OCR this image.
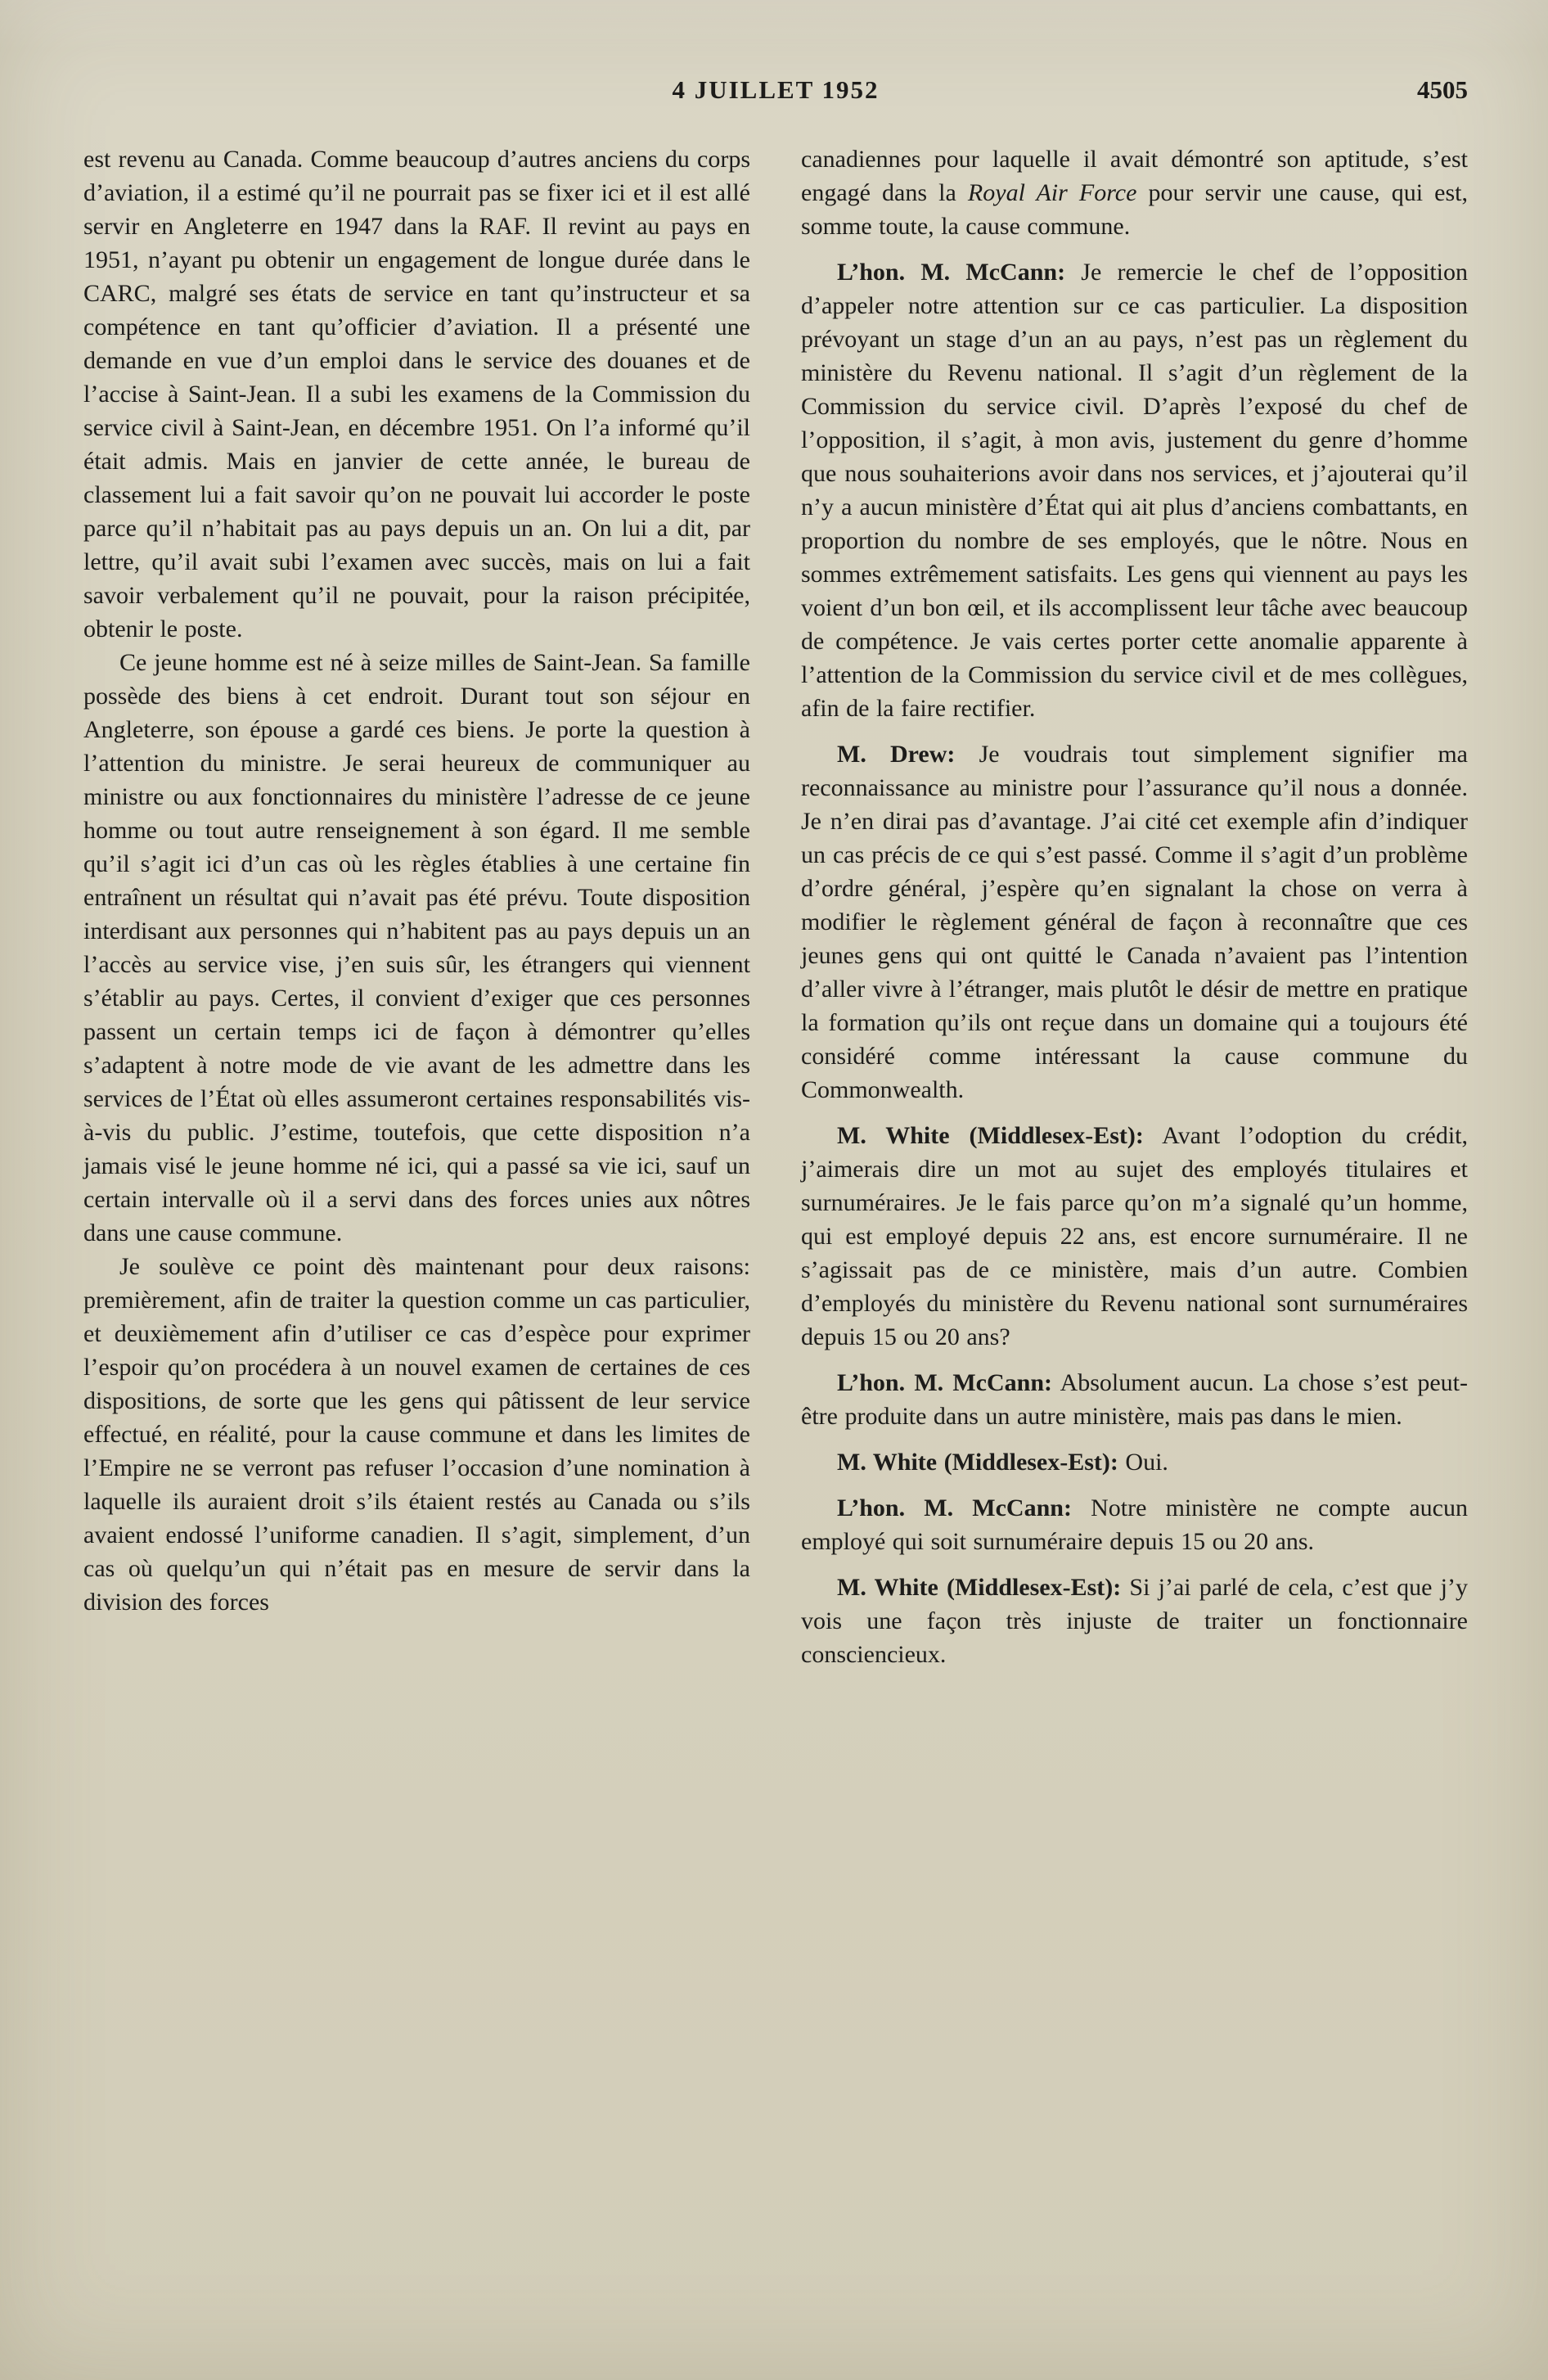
4 JUILLET 1952	4505

est revenu au Canada. Comme beaucoup d’autres anciens du corps d’aviation, il a estimé qu’il ne pourrait pas se fixer ici et il est allé servir en Angleterre en 1947 dans la RAF. Il revint au pays en 1951, n’ayant pu obtenir un engagement de longue durée dans le CARC, malgré ses états de service en tant qu’instructeur et sa compétence en tant qu’officier d’aviation. Il a présenté une demande en vue d’un emploi dans le service des douanes et de l’accise à Saint-Jean. Il a subi les examens de la Commission du service civil à Saint-Jean, en décembre 1951. On l’a informé qu’il était admis. Mais en janvier de cette année, le bureau de classement lui a fait savoir qu’on ne pouvait lui accorder le poste parce qu’il n’habitait pas au pays depuis un an. On lui a dit, par lettre, qu’il avait subi l’examen avec succès, mais on lui a fait savoir verbalement qu’il ne pouvait, pour la raison précipitée, obtenir le poste.

Ce jeune homme est né à seize milles de Saint-Jean. Sa famille possède des biens à cet endroit. Durant tout son séjour en Angleterre, son épouse a gardé ces biens. Je porte la question à l’attention du ministre. Je serai heureux de communiquer au ministre ou aux fonctionnaires du ministère l’adresse de ce jeune homme ou tout autre renseignement à son égard. Il me semble qu’il s’agit ici d’un cas où les règles établies à une certaine fin entraînent un résultat qui n’avait pas été prévu. Toute disposition interdisant aux personnes qui n’habitent pas au pays depuis un an l’accès au service vise, j’en suis sûr, les étrangers qui viennent s’établir au pays. Certes, il convient d’exiger que ces personnes passent un certain temps ici de façon à démontrer qu’elles s’adaptent à notre mode de vie avant de les admettre dans les services de l’État où elles assumeront certaines responsabilités vis-à-vis du public. J’estime, toutefois, que cette disposition n’a jamais visé le jeune homme né ici, qui a passé sa vie ici, sauf un certain intervalle où il a servi dans des forces unies aux nôtres dans une cause commune.

Je soulève ce point dès maintenant pour deux raisons: premièrement, afin de traiter la question comme un cas particulier, et deuxièmement afin d’utiliser ce cas d’espèce pour exprimer l’espoir qu’on procédera à un nouvel examen de certaines de ces dispositions, de sorte que les gens qui pâtissent de leur service effectué, en réalité, pour la cause commune et dans les limites de l’Empire ne se verront pas refuser l’occasion d’une nomination à laquelle ils auraient droit s’ils étaient restés au Canada ou s’ils avaient endossé l’uniforme canadien. Il s’agit, simplement, d’un cas où quelqu’un qui n’était pas en mesure de servir dans la division des forces

canadiennes pour laquelle il avait démontré son aptitude, s’est engagé dans la Royal Air Force pour servir une cause, qui est, somme toute, la cause commune.

L’hon. M. McCann: Je remercie le chef de l’opposition d’appeler notre attention sur ce cas particulier. La disposition prévoyant un stage d’un an au pays, n’est pas un règlement du ministère du Revenu national. Il s’agit d’un règlement de la Commission du service civil. D’après l’exposé du chef de l’opposition, il s’agit, à mon avis, justement du genre d’homme que nous souhaiterions avoir dans nos services, et j’ajouterai qu’il n’y a aucun ministère d’État qui ait plus d’anciens combattants, en proportion du nombre de ses employés, que le nôtre. Nous en sommes extrêmement satisfaits. Les gens qui viennent au pays les voient d’un bon œil, et ils accomplissent leur tâche avec beaucoup de compétence. Je vais certes porter cette anomalie apparente à l’attention de la Commission du service civil et de mes collègues, afin de la faire rectifier.

M. Drew: Je voudrais tout simplement signifier ma reconnaissance au ministre pour l’assurance qu’il nous a donnée. Je n’en dirai pas d’avantage. J’ai cité cet exemple afin d’indiquer un cas précis de ce qui s’est passé. Comme il s’agit d’un problème d’ordre général, j’espère qu’en signalant la chose on verra à modifier le règlement général de façon à reconnaître que ces jeunes gens qui ont quitté le Canada n’avaient pas l’intention d’aller vivre à l’étranger, mais plutôt le désir de mettre en pratique la formation qu’ils ont reçue dans un domaine qui a toujours été considéré comme intéressant la cause commune du Commonwealth.

M. White (Middlesex-Est): Avant l’odoption du crédit, j’aimerais dire un mot au sujet des employés titulaires et surnuméraires. Je le fais parce qu’on m’a signalé qu’un homme, qui est employé depuis 22 ans, est encore surnuméraire. Il ne s’agissait pas de ce ministère, mais d’un autre. Combien d’employés du ministère du Revenu national sont surnuméraires depuis 15 ou 20 ans?

L’hon. M. McCann: Absolument aucun. La chose s’est peut-être produite dans un autre ministère, mais pas dans le mien.

M. White (Middlesex-Est): Oui.

L’hon. M. McCann: Notre ministère ne compte aucun employé qui soit surnuméraire depuis 15 ou 20 ans.

M. White (Middlesex-Est): Si j’ai parlé de cela, c’est que j’y vois une façon très injuste de traiter un fonctionnaire consciencieux.
